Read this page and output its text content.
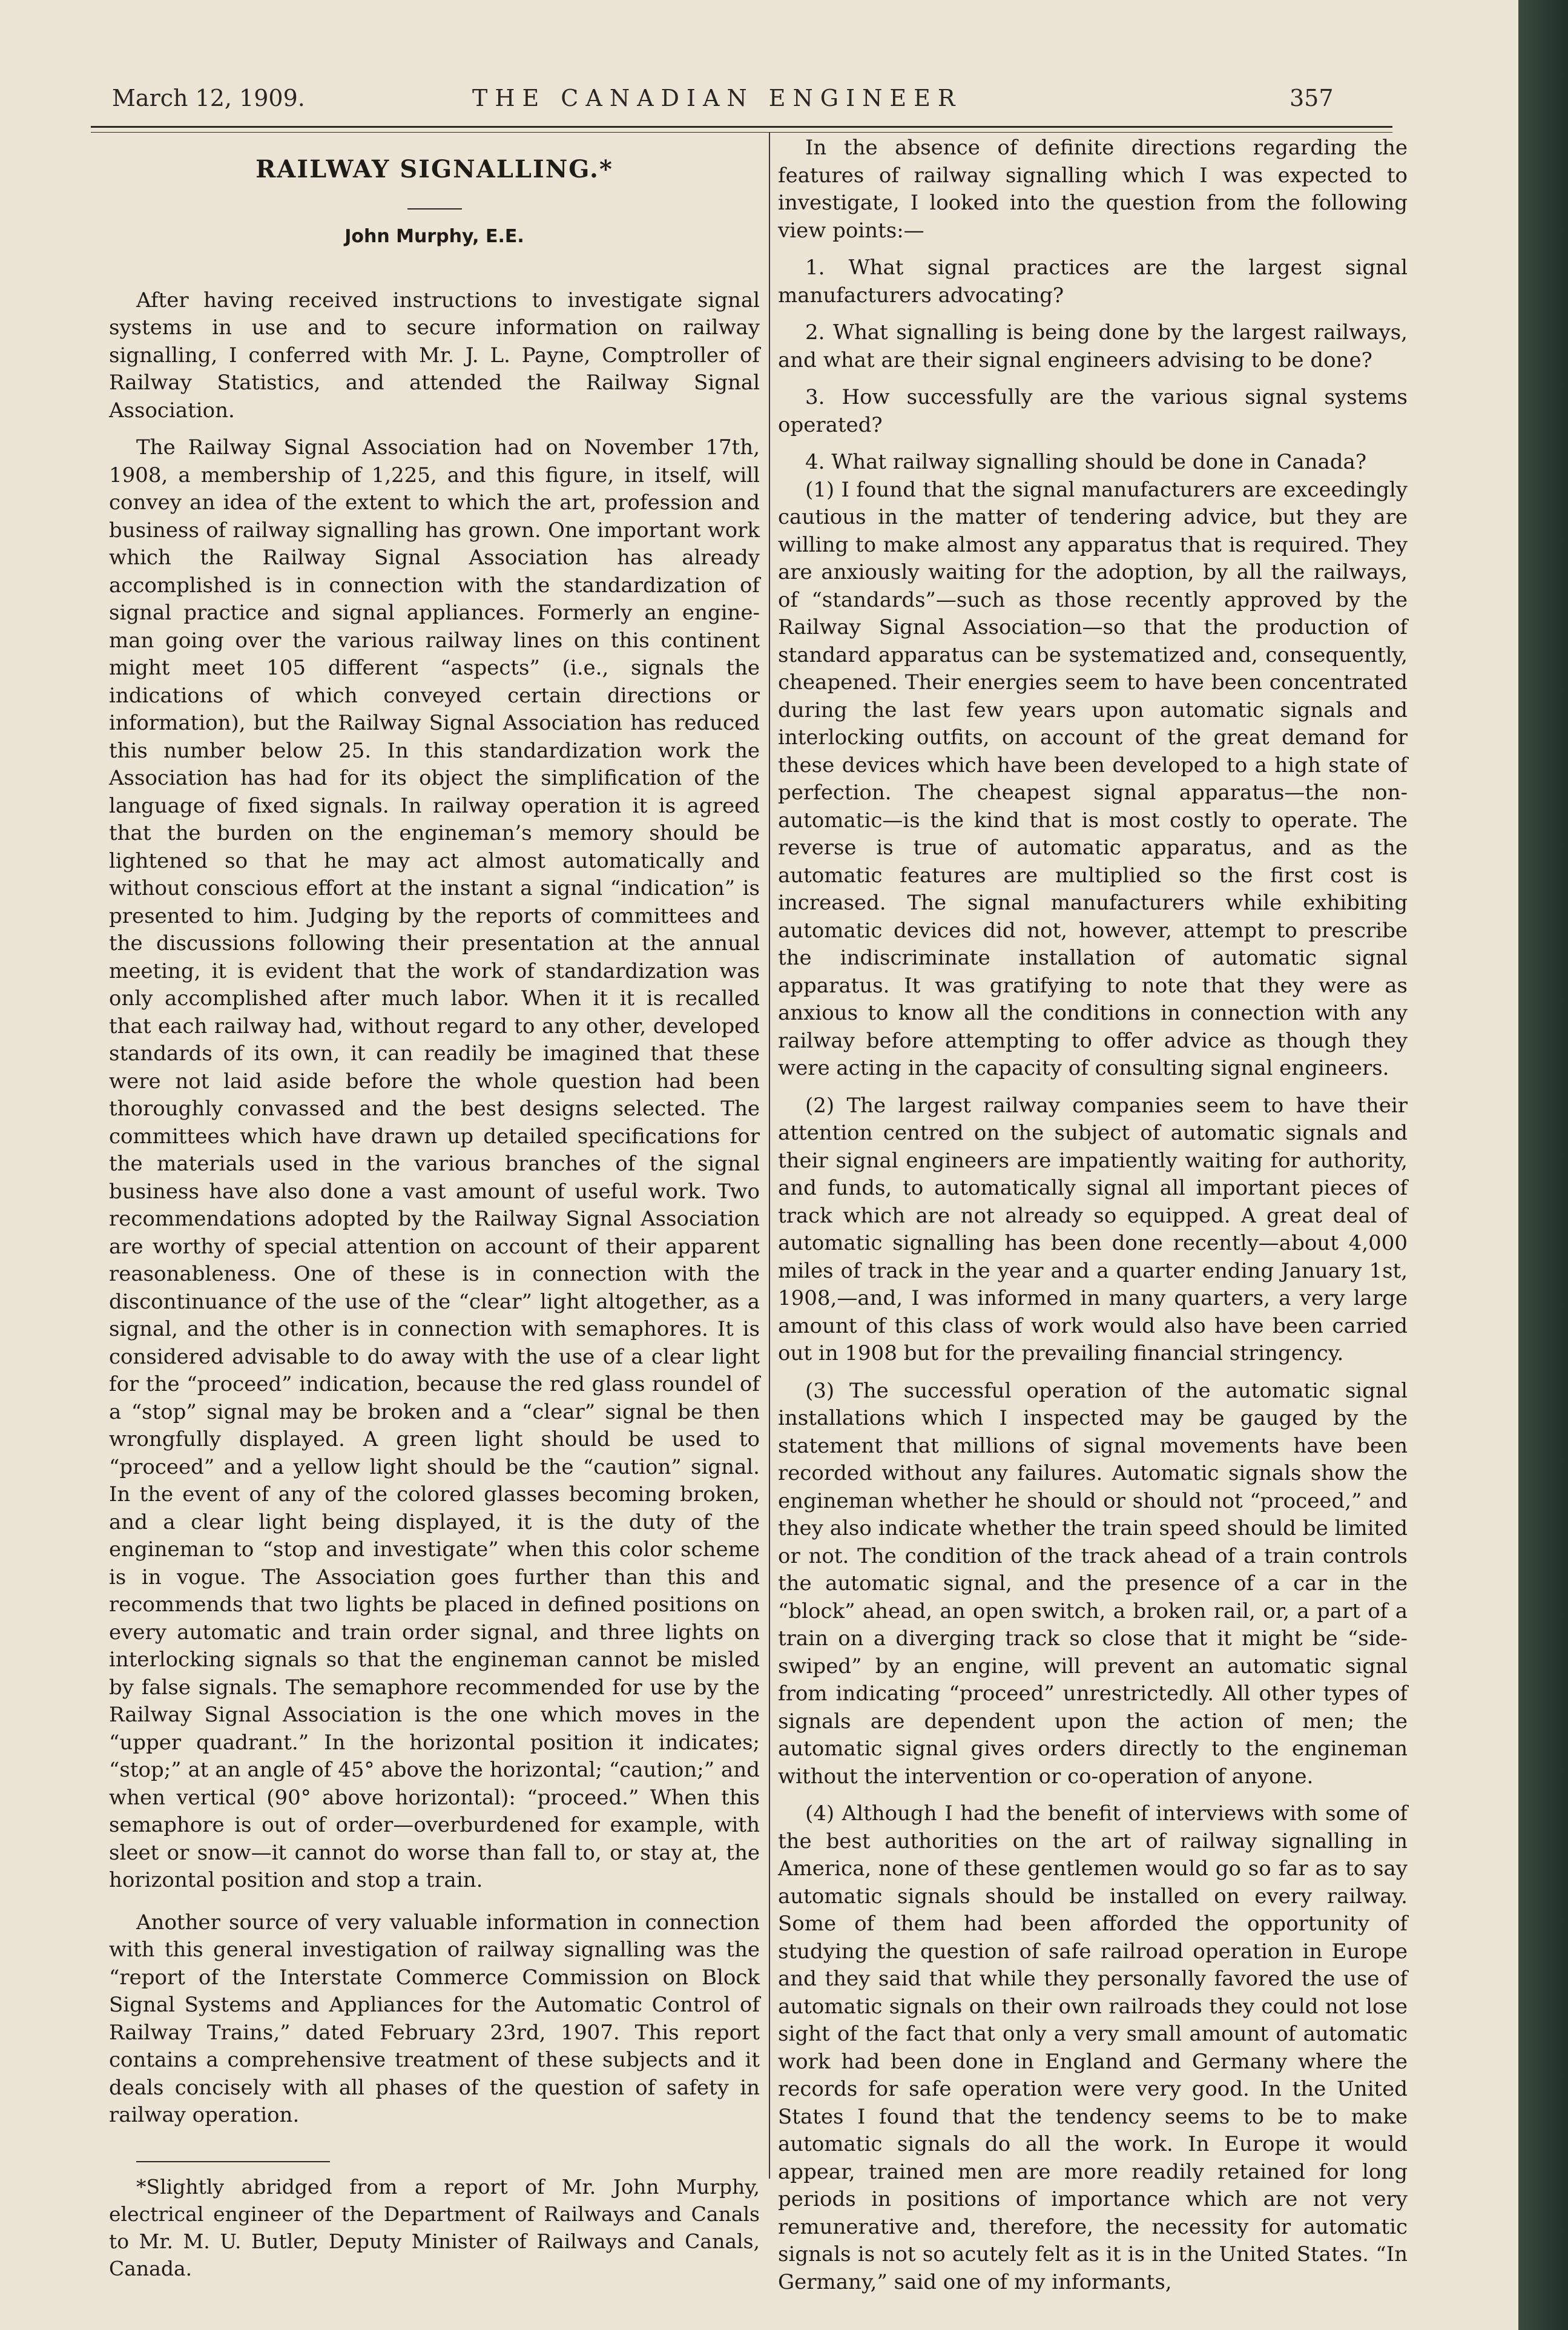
March 12, 1909.	THE CANADIAN ENGINEER	357
RAILWAY SIGNALLING.*
John Murphy, E.E.

After having received instructions to investigate signal systems in use and to secure information on railway signalling, I conferred with Mr. J. L. Payne, Comptroller of Railway Statistics, and attended the Railway Signal Association.

The Railway Signal Association had on November 17th, 1908, a membership of 1,225, and this figure, in itself, will convey an idea of the extent to which the art, profession and business of railway signalling has grown. One important work which the Railway Signal Association has already accomplished is in connection with the standardization of signal practice and signal appliances. Formerly an engine-man going over the various railway lines on this continent might meet 105 different “aspects” (i.e., signals the indications of which conveyed certain directions or information), but the Railway Signal Association has reduced this number below 25. In this standardization work the Association has had for its object the simplification of the language of fixed signals. In railway operation it is agreed that the burden on the engineman’s memory should be lightened so that he may act almost automatically and without conscious effort at the instant a signal “indication” is presented to him. Judging by the reports of committees and the discussions following their presentation at the annual meeting, it is evident that the work of standardization was only accomplished after much labor. When it it is recalled that each railway had, without regard to any other, developed standards of its own, it can readily be imagined that these were not laid aside before the whole question had been thoroughly convassed and the best designs selected. The committees which have drawn up detailed specifications for the materials used in the various branches of the signal business have also done a vast amount of useful work. Two recommendations adopted by the Railway Signal Association are worthy of special attention on account of their apparent reasonableness. One of these is in connection with the discontinuance of the use of the “clear” light altogether, as a signal, and the other is in connection with semaphores. It is considered advisable to do away with the use of a clear light for the “proceed” indication, because the red glass roundel of a “stop” signal may be broken and a “clear” signal be then wrongfully displayed. A green light should be used to “proceed” and a yellow light should be the “caution” signal. In the event of any of the colored glasses becoming broken, and a clear light being displayed, it is the duty of the engineman to “stop and investigate” when this color scheme is in vogue. The Association goes further than this and recommends that two lights be placed in defined positions on every automatic and train order signal, and three lights on interlocking signals so that the engineman cannot be misled by false signals. The semaphore recommended for use by the Railway Signal Association is the one which moves in the “upper quadrant.” In the horizontal position it indicates; “stop;” at an angle of 45° above the horizontal; “caution;” and when vertical (90° above horizontal): “proceed.” When this semaphore is out of order—overburdened for example, with sleet or snow—it cannot do worse than fall to, or stay at, the horizontal position and stop a train.

Another source of very valuable information in connection with this general investigation of railway signalling was the “report of the Interstate Commerce Commission on Block Signal Systems and Appliances for the Automatic Control of Railway Trains,” dated February 23rd, 1907. This report contains a comprehensive treatment of these subjects and it deals concisely with all phases of the question of safety in railway operation.

*Slightly abridged from a report of Mr. John Murphy, electrical engineer of the Department of Railways and Canals to Mr. M. U. Butler, Deputy Minister of Railways and Canals, Canada.

In the absence of definite directions regarding the features of railway signalling which I was expected to investigate, I looked into the question from the following view points:—

1. What signal practices are the largest signal manufacturers advocating?

2. What signalling is being done by the largest railways, and what are their signal engineers advising to be done?

3. How successfully are the various signal systems operated?

4. What railway signalling should be done in Canada?

(1) I found that the signal manufacturers are exceedingly cautious in the matter of tendering advice, but they are willing to make almost any apparatus that is required. They are anxiously waiting for the adoption, by all the railways, of “standards”—such as those recently approved by the Railway Signal Association—so that the production of standard apparatus can be systematized and, consequently, cheapened. Their energies seem to have been concentrated during the last few years upon automatic signals and interlocking outfits, on account of the great demand for these devices which have been developed to a high state of perfection. The cheapest signal apparatus—the non-automatic—is the kind that is most costly to operate. The reverse is true of automatic apparatus, and as the automatic features are multiplied so the first cost is increased. The signal manufacturers while exhibiting automatic devices did not, however, attempt to prescribe the indiscriminate installation of automatic signal apparatus. It was gratifying to note that they were as anxious to know all the conditions in connection with any railway before attempting to offer advice as though they were acting in the capacity of consulting signal engineers.

(2) The largest railway companies seem to have their attention centred on the subject of automatic signals and their signal engineers are impatiently waiting for authority, and funds, to automatically signal all important pieces of track which are not already so equipped. A great deal of automatic signalling has been done recently—about 4,000 miles of track in the year and a quarter ending January 1st, 1908,—and, I was informed in many quarters, a very large amount of this class of work would also have been carried out in 1908 but for the prevailing financial stringency.

(3) The successful operation of the automatic signal installations which I inspected may be gauged by the statement that millions of signal movements have been recorded without any failures. Automatic signals show the engineman whether he should or should not “proceed,” and they also indicate whether the train speed should be limited or not. The condition of the track ahead of a train controls the automatic signal, and the presence of a car in the “block” ahead, an open switch, a broken rail, or, a part of a train on a diverging track so close that it might be “side-swiped” by an engine, will prevent an automatic signal from indicating “proceed” unrestrictedly. All other types of signals are dependent upon the action of men; the automatic signal gives orders directly to the engineman without the intervention or co-operation of anyone.

(4) Although I had the benefit of interviews with some of the best authorities on the art of railway signalling in America, none of these gentlemen would go so far as to say automatic signals should be installed on every railway. Some of them had been afforded the opportunity of studying the question of safe railroad operation in Europe and they said that while they personally favored the use of automatic signals on their own railroads they could not lose sight of the fact that only a very small amount of automatic work had been done in England and Germany where the records for safe operation were very good. In the United States I found that the tendency seems to be to make automatic signals do all the work. In Europe it would appear, trained men are more readily retained for long periods in positions of importance which are not very remunerative and, therefore, the necessity for automatic signals is not so acutely felt as it is in the United States. “In Germany,” said one of my informants,
